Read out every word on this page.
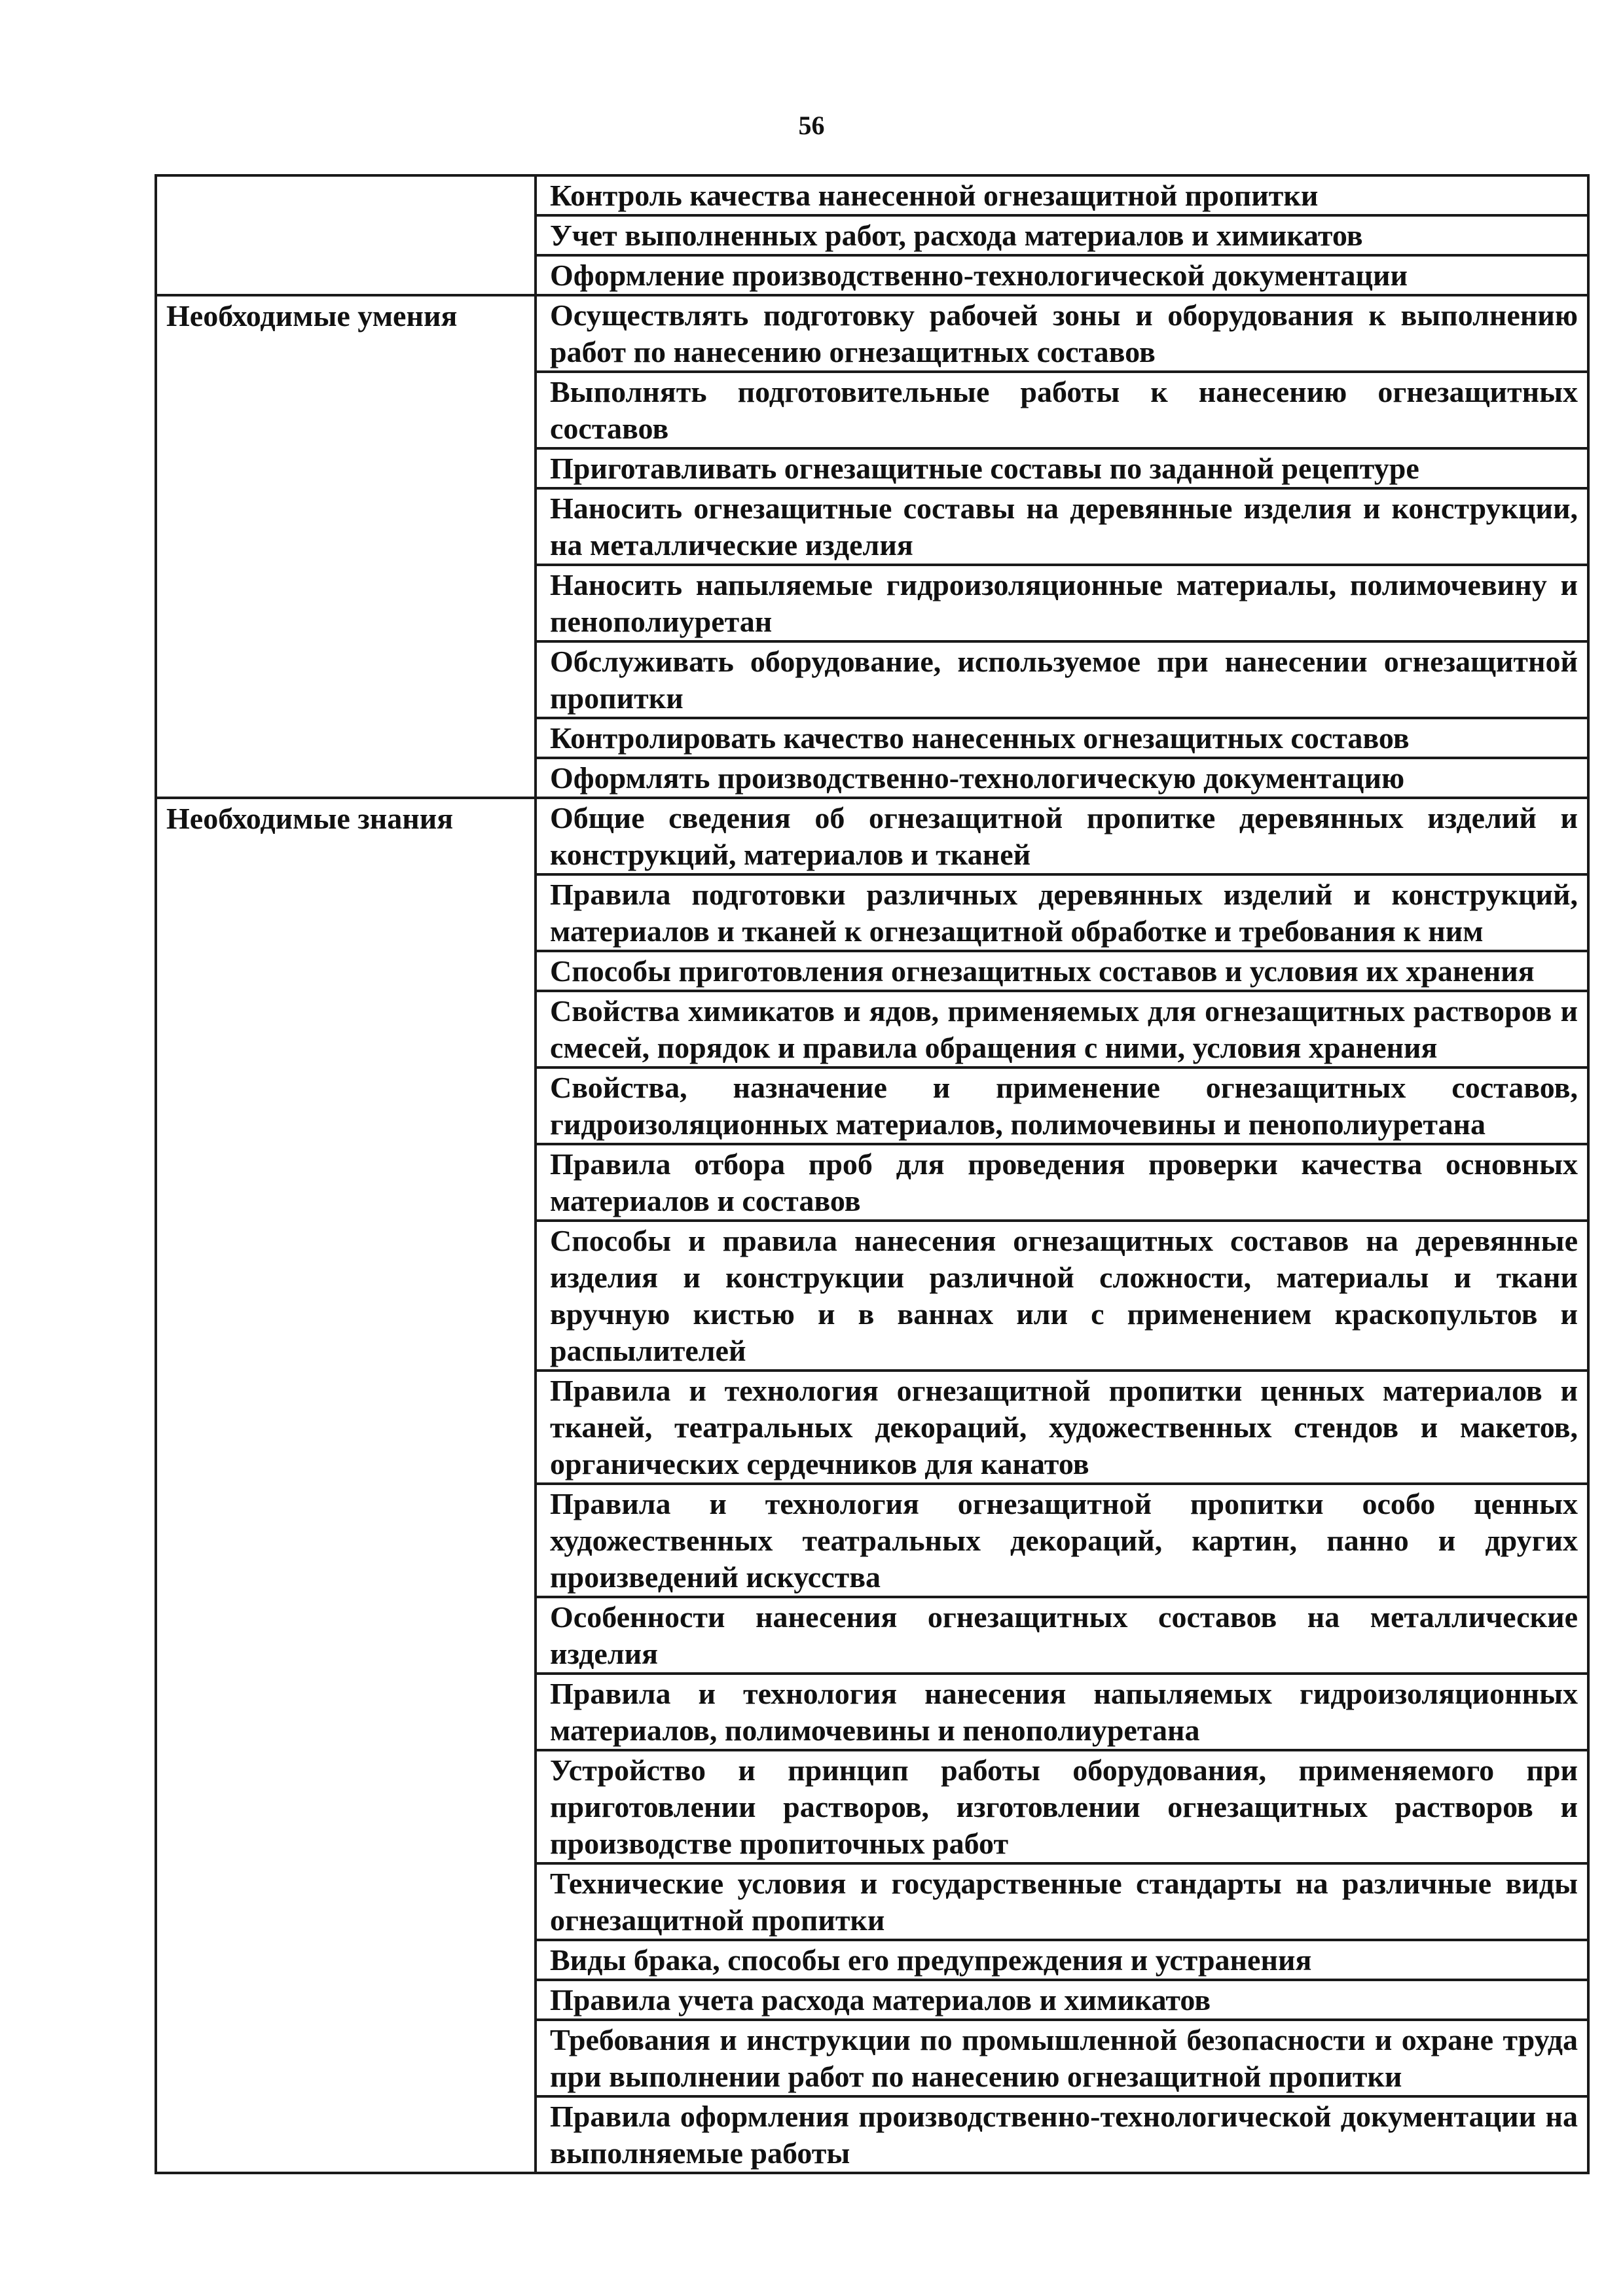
56
	Контроль качества нанесенной огнезащитной пропитки
	Учет выполненных работ, расхода материалов и химикатов
	Оформление производственно-технологической документации
Необходимые умения	Осуществлять подготовку рабочей зоны и оборудования к выполнению работ по нанесению огнезащитных составов
	Выполнять подготовительные работы к нанесению огнезащитных составов
	Приготавливать огнезащитные составы по заданной рецептуре
	Наносить огнезащитные составы на деревянные изделия и конструкции, на металлические изделия
	Наносить напыляемые гидроизоляционные материалы, полимочевину и пенополиуретан
	Обслуживать оборудование, используемое при нанесении огнезащитной пропитки
	Контролировать качество нанесенных огнезащитных составов
	Оформлять производственно-технологическую документацию
Необходимые знания	Общие сведения об огнезащитной пропитке деревянных изделий и конструкций, материалов и тканей
	Правила подготовки различных деревянных изделий и конструкций, материалов и тканей к огнезащитной обработке и требования к ним
	Способы приготовления огнезащитных составов и условия их хранения
	Свойства химикатов и ядов, применяемых для огнезащитных растворов и смесей, порядок и правила обращения с ними, условия хранения
	Свойства, назначение и применение огнезащитных составов, гидроизоляционных материалов, полимочевины и пенополиуретана
	Правила отбора проб для проведения проверки качества основных материалов и составов
	Способы и правила нанесения огнезащитных составов на деревянные изделия и конструкции различной сложности, материалы и ткани вручную кистью и в ваннах или с применением краскопультов и распылителей
	Правила и технология огнезащитной пропитки ценных материалов и тканей, театральных декораций, художественных стендов и макетов, органических сердечников для канатов
	Правила и технология огнезащитной пропитки особо ценных художественных театральных декораций, картин, панно и других произведений искусства
	Особенности нанесения огнезащитных составов на металлические изделия
	Правила и технология нанесения напыляемых гидроизоляционных материалов, полимочевины и пенополиуретана
	Устройство и принцип работы оборудования, применяемого при приготовлении растворов, изготовлении огнезащитных растворов и производстве пропиточных работ
	Технические условия и государственные стандарты на различные виды огнезащитной пропитки
	Виды брака, способы его предупреждения и устранения
	Правила учета расхода материалов и химикатов
	Требования и инструкции по промышленной безопасности и охране труда при выполнении работ по нанесению огнезащитной пропитки
	Правила оформления производственно-технологической документации на выполняемые работы
